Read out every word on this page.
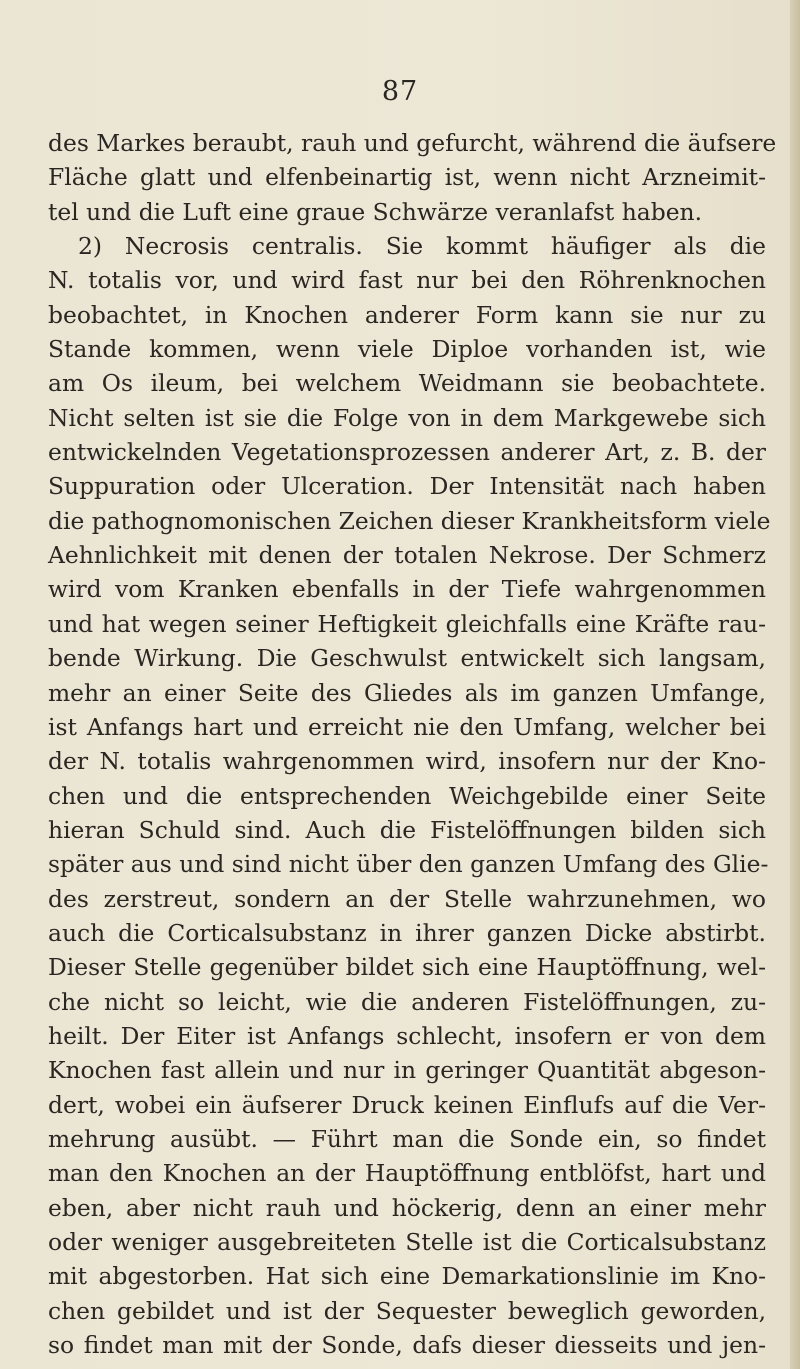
87
des Markes beraubt, rauh und gefurcht, während die äufsere
Fläche glatt und elfenbeinartig ist, wenn nicht Arzneimit-
tel und die Luft eine graue Schwärze veranlafst haben.
2) Necrosis centralis. Sie kommt häufiger als die
N. totalis vor, und wird fast nur bei den Röhrenknochen
beobachtet, in Knochen anderer Form kann sie nur zu
Stande kommen, wenn viele Diploe vorhanden ist, wie
am Os ileum, bei welchem Weidmann sie beobachtete.
Nicht selten ist sie die Folge von in dem Markgewebe sich
entwickelnden Vegetationsprozessen anderer Art, z. B. der
Suppuration oder Ulceration. Der Intensität nach haben
die pathognomonischen Zeichen dieser Krankheitsform viele
Aehnlichkeit mit denen der totalen Nekrose. Der Schmerz
wird vom Kranken ebenfalls in der Tiefe wahrgenommen
und hat wegen seiner Heftigkeit gleichfalls eine Kräfte rau-
bende Wirkung. Die Geschwulst entwickelt sich langsam,
mehr an einer Seite des Gliedes als im ganzen Umfange,
ist Anfangs hart und erreicht nie den Umfang, welcher bei
der N. totalis wahrgenommen wird, insofern nur der Kno-
chen und die entsprechenden Weichgebilde einer Seite
hieran Schuld sind. Auch die Fistelöffnungen bilden sich
später aus und sind nicht über den ganzen Umfang des Glie-
des zerstreut, sondern an der Stelle wahrzunehmen, wo
auch die Corticalsubstanz in ihrer ganzen Dicke abstirbt.
Dieser Stelle gegenüber bildet sich eine Hauptöffnung, wel-
che nicht so leicht, wie die anderen Fistelöffnungen, zu-
heilt. Der Eiter ist Anfangs schlecht, insofern er von dem
Knochen fast allein und nur in geringer Quantität abgeson-
dert, wobei ein äufserer Druck keinen Einflufs auf die Ver-
mehrung ausübt. — Führt man die Sonde ein, so findet
man den Knochen an der Hauptöffnung entblöfst, hart und
eben, aber nicht rauh und höckerig, denn an einer mehr
oder weniger ausgebreiteten Stelle ist die Corticalsubstanz
mit abgestorben. Hat sich eine Demarkationslinie im Kno-
chen gebildet und ist der Sequester beweglich geworden,
so findet man mit der Sonde, dafs dieser diesseits und jen-
